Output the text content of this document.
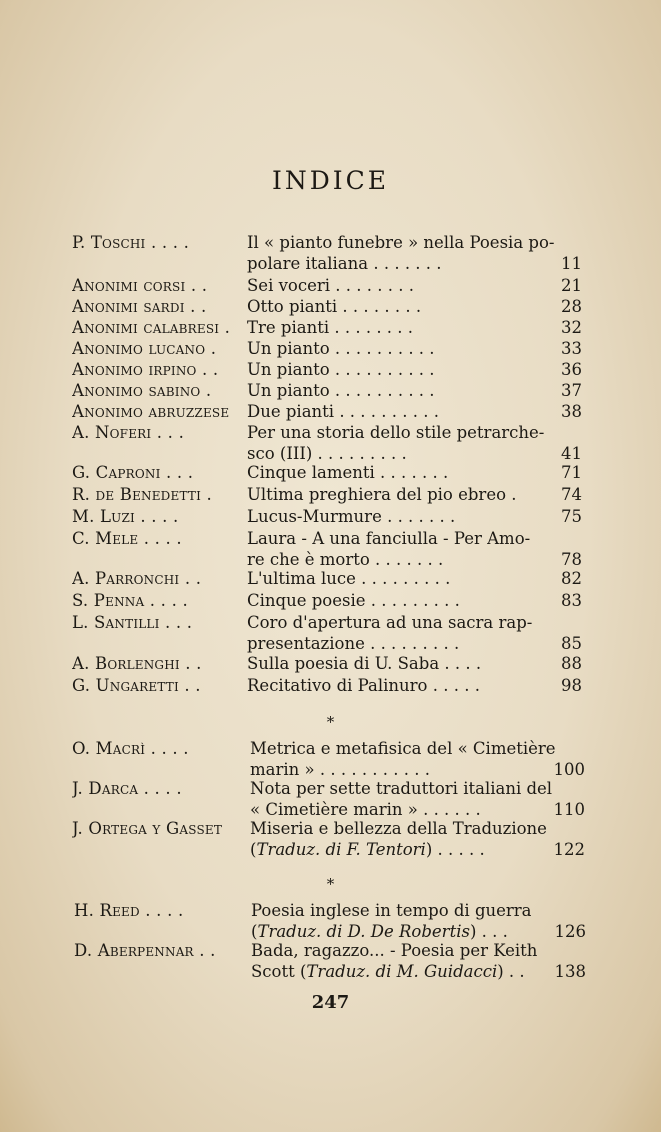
INDICE
P. Toschi . . . .	Il « pianto funebre » nella Poesia po-
polare italiana . . . . . . .	11
Anonimi corsi . .	Sei voceri . . . . . . . .	21
Anonimi sardi . .	Otto pianti . . . . . . . .	28
Anonimi calabresi .	Tre pianti . . . . . . . .	32
Anonimo lucano .	Un pianto . . . . . . . . . .	33
Anonimo irpino . .	Un pianto . . . . . . . . . .	36
Anonimo sabino .	Un pianto . . . . . . . . . .	37
Anonimo abruzzese	Due pianti . . . . . . . . . .	38
A. Noferi . . .	Per una storia dello stile petrarche-
sco (III) . . . . . . . . .	41
G. Caproni . . .	Cinque lamenti . . . . . . .	71
R. de Benedetti .	Ultima preghiera del pio ebreo .	74
M. Luzi . . . .	Lucus-Murmure . . . . . . .	75
C. Mele . . . .	Laura - A una fanciulla - Per Amo-
re che è morto . . . . . . .	78
A. Parronchi . .	L'ultima luce . . . . . . . . .	82
S. Penna . . . .	Cinque poesie . . . . . . . . .	83
L. Santilli . . .	Coro d'apertura ad una sacra rap-
presentazione . . . . . . . . .	85
A. Borlenghi . .	Sulla poesia di U. Saba . . . .	88
G. Ungaretti . .	Recitativo di Palinuro . . . . .	98
*
O. Macrì . . . .	Metrica e metafisica del « Cimetière
marin » . . . . . . . . . . .	100
J. Darca . . . .	Nota per sette traduttori italiani del
« Cimetière marin » . . . . . .	110
J. Ortega y Gasset	Miseria e bellezza della Traduzione
(Traduz. di F. Tentori) . . . . .	122
*
H. Reed . . . .	Poesia inglese in tempo di guerra
(Traduz. di D. De Robertis) . . .	126
D. Aberpennar . .	Bada, ragazzo... - Poesia per Keith
Scott (Traduz. di M. Guidacci) . . 138
247
